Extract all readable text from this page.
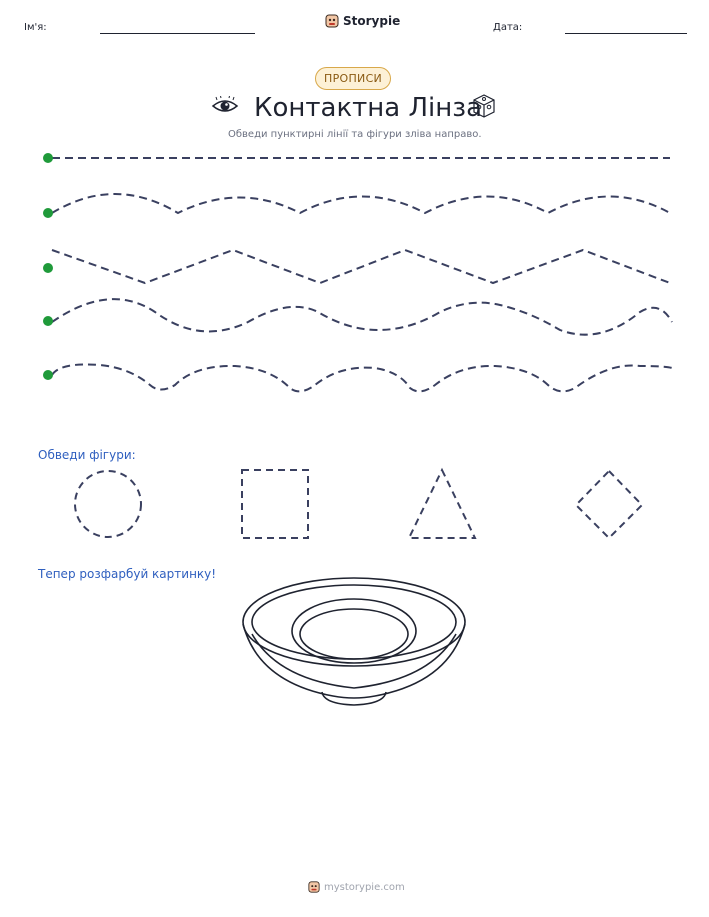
Ім'я:	Storypie	Дата:
ПРОПИСИ
Контактна Лінза
Обведи пунктирні лінії та фігури зліва направо.
Обведи фігури:
Тепер розфарбуй картинку!
mystorypie.com
